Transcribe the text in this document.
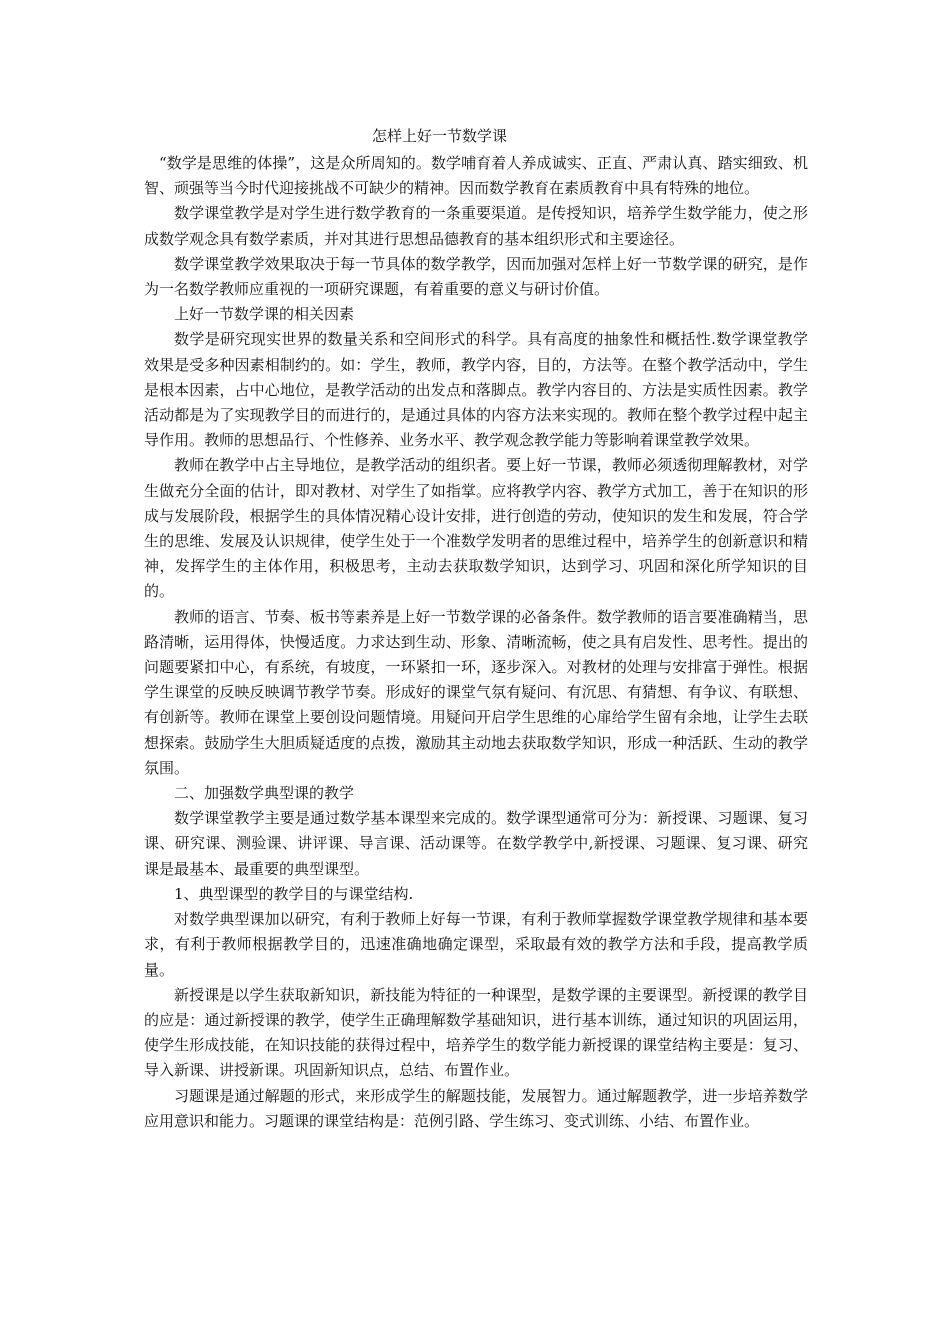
怎样上好一节数学课

“数学是思维的体操”，这是众所周知的。数学哺育着人养成诚实、正直、严肃认真、踏实细致、机智、顽强等当今时代迎接挑战不可缺少的精神。因而数学教育在素质教育中具有特殊的地位。

数学课堂教学是对学生进行数学教育的一条重要渠道。是传授知识，培养学生数学能力，使之形成数学观念具有数学素质，并对其进行思想品德教育的基本组织形式和主要途径。

数学课堂教学效果取决于每一节具体的数学教学，因而加强对怎样上好一节数学课的研究，是作为一名数学教师应重视的一项研究课题，有着重要的意义与研讨价值。

上好一节数学课的相关因素

数学是研究现实世界的数量关系和空间形式的科学。具有高度的抽象性和概括性.数学课堂教学效果是受多种因素相制约的。如：学生，教师，教学内容，目的，方法等。在整个教学活动中，学生是根本因素，占中心地位，是教学活动的出发点和落脚点。教学内容目的、方法是实质性因素。教学活动都是为了实现教学目的而进行的，是通过具体的内容方法来实现的。教师在整个教学过程中起主导作用。教师的思想品行、个性修养、业务水平、教学观念教学能力等影响着课堂教学效果。

教师在教学中占主导地位，是教学活动的组织者。要上好一节课，教师必须透彻理解教材，对学生做充分全面的估计，即对教材、对学生了如指掌。应将教学内容、教学方式加工，善于在知识的形成与发展阶段，根据学生的具体情况精心设计安排，进行创造的劳动，使知识的发生和发展，符合学生的思维、发展及认识规律，使学生处于一个准数学发明者的思维过程中，培养学生的创新意识和精神，发挥学生的主体作用，积极思考，主动去获取数学知识，达到学习、巩固和深化所学知识的目的。

教师的语言、节奏、板书等素养是上好一节数学课的必备条件。数学教师的语言要准确精当，思路清晰，运用得体，快慢适度。力求达到生动、形象、清晰流畅，使之具有启发性、思考性。提出的问题要紧扣中心，有系统，有坡度，一环紧扣一环，逐步深入。对教材的处理与安排富于弹性。根据学生课堂的反映反映调节教学节奏。形成好的课堂气氛有疑问、有沉思、有猜想、有争议、有联想、有创新等。教师在课堂上要创设问题情境。用疑问开启学生思维的心扉给学生留有余地，让学生去联想探索。鼓励学生大胆质疑适度的点拨，激励其主动地去获取数学知识，形成一种活跃、生动的教学氛围。

二、加强数学典型课的教学

数学课堂教学主要是通过数学基本课型来完成的。数学课型通常可分为：新授课、习题课、复习课、研究课、测验课、讲评课、导言课、活动课等。在数学教学中,新授课、习题课、复习课、研究课是最基本、最重要的典型课型。

1、典型课型的教学目的与课堂结构.

对数学典型课加以研究，有利于教师上好每一节课，有利于教师掌握数学课堂教学规律和基本要求，有利于教师根据教学目的，迅速准确地确定课型，采取最有效的教学方法和手段，提高教学质量。

新授课是以学生获取新知识，新技能为特征的一种课型，是数学课的主要课型。新授课的教学目的应是：通过新授课的教学，使学生正确理解数学基础知识，进行基本训练，通过知识的巩固运用，使学生形成技能，在知识技能的获得过程中，培养学生的数学能力新授课的课堂结构主要是：复习、导入新课、讲授新课。巩固新知识点，总结、布置作业。

习题课是通过解题的形式，来形成学生的解题技能，发展智力。通过解题教学，进一步培养数学应用意识和能力。习题课的课堂结构是：范例引路、学生练习、变式训练、小结、布置作业。
